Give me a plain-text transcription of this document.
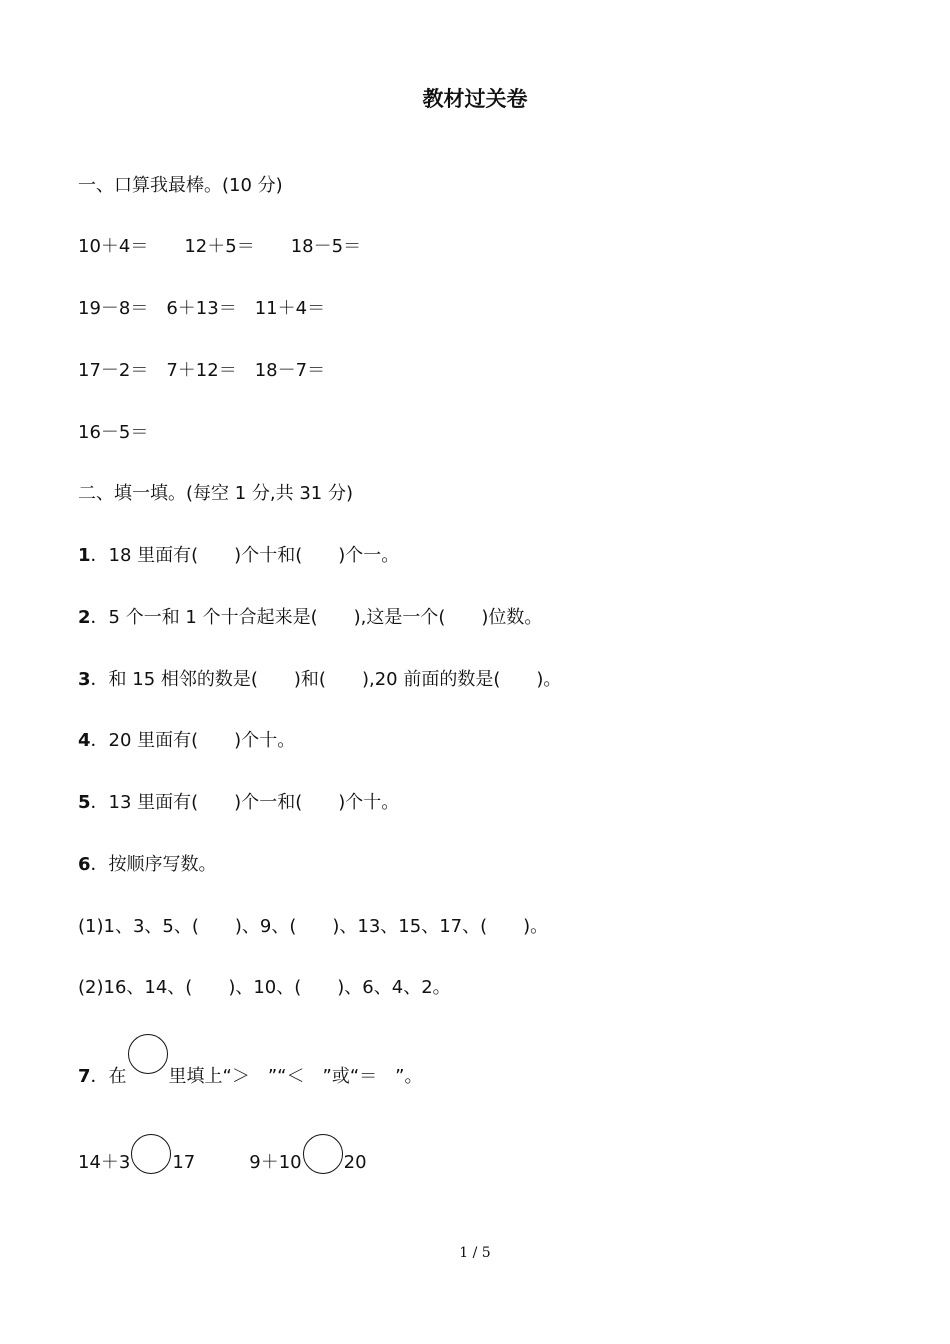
教材过关卷
一、口算我最棒。(10 分)
10＋4＝　　12＋5＝　　18－5＝
19－8＝　6＋13＝　11＋4＝
17－2＝　7＋12＝　18－7＝
16－5＝
二、填一填。(每空 1 分,共 31 分)
1．18 里面有(　　)个十和(　　)个一。
2．5 个一和 1 个十合起来是(　　),这是一个(　　)位数。
3．和 15 相邻的数是(　　)和(　　),20 前面的数是(　　)。
4．20 里面有(　　)个十。
5．13 里面有(　　)个一和(　　)个十。
6．按顺序写数。
(1)1、3、5、(　　)、9、(　　)、13、15、17、(　　)。
(2)16、14、(　　)、10、(　　)、6、4、2。
7．在 里填上“＞　”“＜　”或“＝　”。
14＋3 17　　9＋10 20
1 / 5
